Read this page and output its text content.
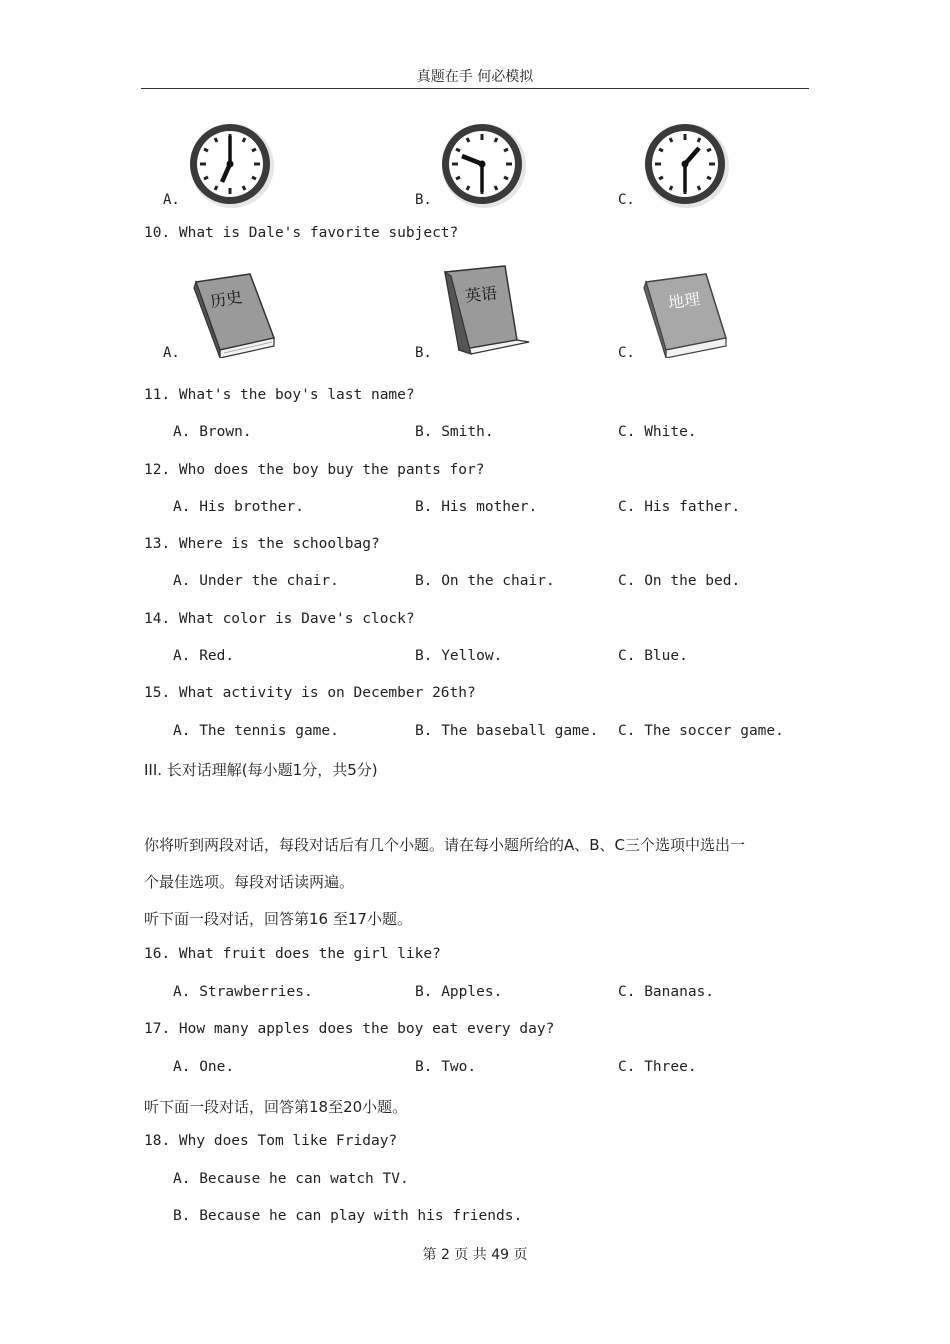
真题在手 何必模拟
A.	B.	C.
10. What is Dale's favorite subject?
历史
A.
英语
B.
地理
C.
11. What's the boy's last name?
A. Brown.	B. Smith.	C. White.
12. Who does the boy buy the pants for?
A. His brother.	B. His mother.	C. His father.
13. Where is the schoolbag?
A. Under the chair.	B. On the chair.	C. On the bed.
14. What color is Dave's clock?
A. Red.	B. Yellow.	C. Blue.
15. What activity is on December 26th?
A. The tennis game.	B. The baseball game. C. The soccer game.
III. 长对话理解(每小题1分，共5分)
你将听到两段对话，每段对话后有几个小题。请在每小题所给的A、B、C三个选项中选出一
个最佳选项。每段对话读两遍。
听下面一段对话，回答第16 至17小题。
16. What fruit does the girl like?
A. Strawberries.	B. Apples.	C. Bananas.
17. How many apples does the boy eat every day?
A. One.	B. Two.	C. Three.
听下面一段对话，回答第18至20小题。
18. Why does Tom like Friday?
A. Because he can watch TV.
B. Because he can play with his friends.
第 2 页 共 49 页
